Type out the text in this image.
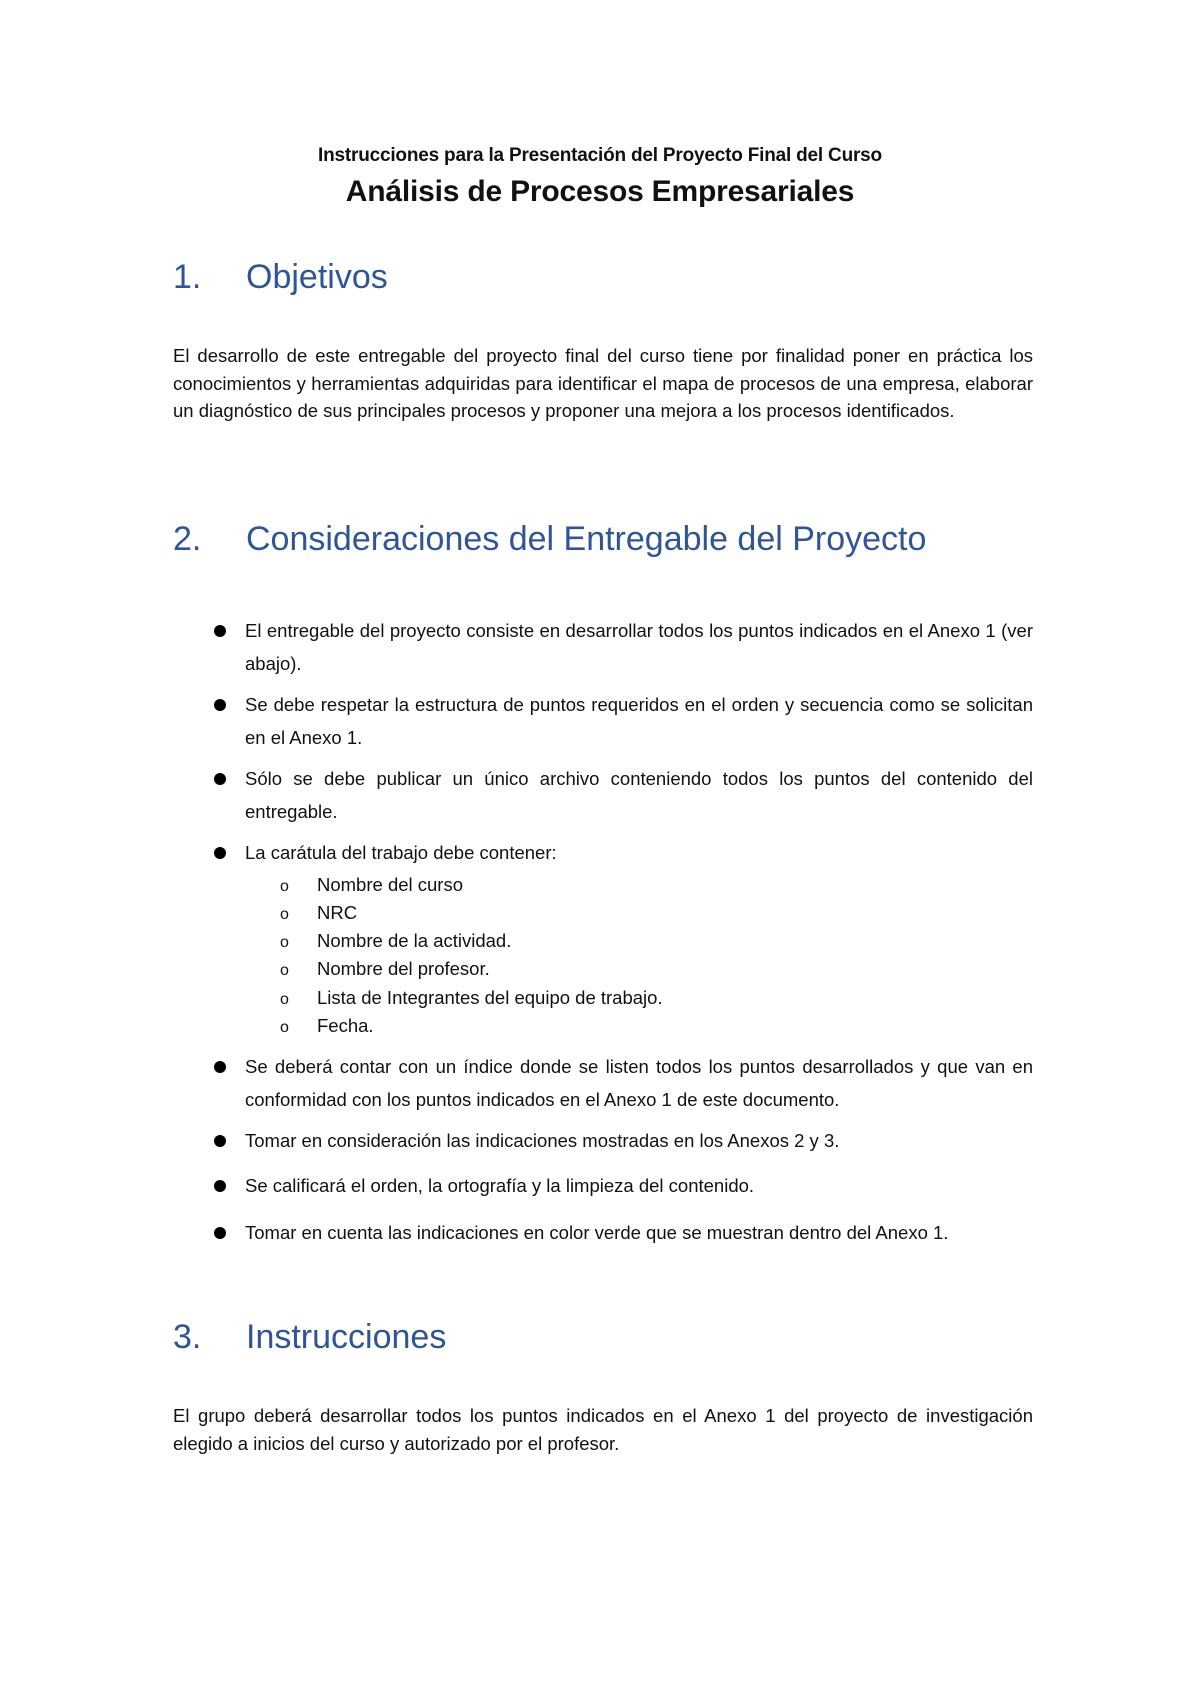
Instrucciones para la Presentación del Proyecto Final del Curso
Análisis de Procesos Empresariales
1. Objetivos
El desarrollo de este entregable del proyecto final del curso tiene por finalidad poner en práctica los conocimientos y herramientas adquiridas para identificar el mapa de procesos de una empresa, elaborar un diagnóstico de sus principales procesos y proponer una mejora a los procesos identificados.
2. Consideraciones del Entregable del Proyecto
El entregable del proyecto consiste en desarrollar todos los puntos indicados en el Anexo 1 (ver abajo).
Se debe respetar la estructura de puntos requeridos en el orden y secuencia como se solicitan en el Anexo 1.
Sólo se debe publicar un único archivo conteniendo todos los puntos del contenido del entregable.
La carátula del trabajo debe contener:
Se deberá contar con un índice donde se listen todos los puntos desarrollados y que van en conformidad con los puntos indicados en el Anexo 1 de este documento.
Tomar en consideración las indicaciones mostradas en los Anexos 2 y 3.
Se calificará el orden, la ortografía y la limpieza del contenido.
Tomar en cuenta las indicaciones en color verde que se muestran dentro del Anexo 1.
o Nombre del curso
o NRC
o Nombre de la actividad.
o Nombre del profesor.
o Lista de Integrantes del equipo de trabajo.
o Fecha.
3. Instrucciones
El grupo deberá desarrollar todos los puntos indicados en el Anexo 1 del proyecto de investigación elegido a inicios del curso y autorizado por el profesor.
